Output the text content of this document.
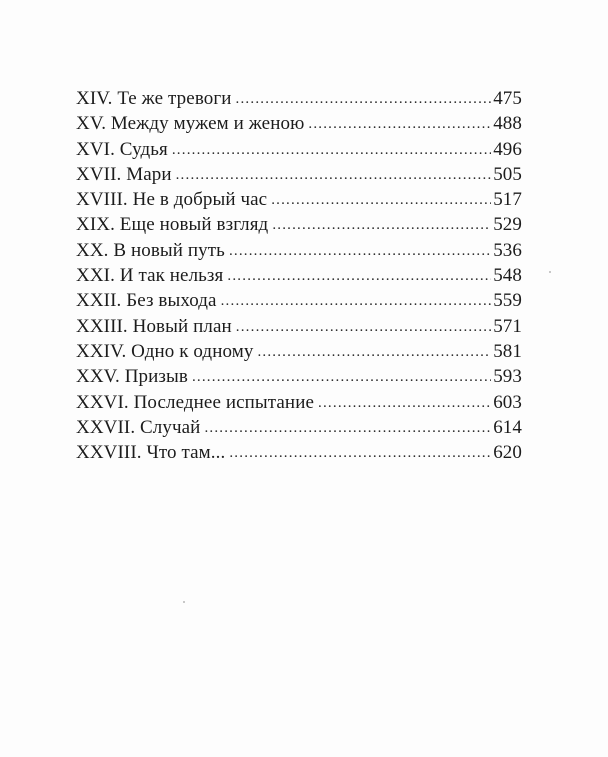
XIV. Те же тревоги .....	475
XV. Между мужем и женою .....	488
XVI. Судья .....	496
XVII. Мари .....	505
XVIII. Не в добрый час .....	517
XIX. Еще новый взгляд .....	529
XX. В новый путь .....	536
XXI. И так нельзя .....	548
XXII. Без выхода .....	559
XXIII. Новый план .....	571
XXIV. Одно к одному .....	581
XXV. Призыв .....	593
XXVI. Последнее испытание .....	603
XXVII. Случай .....	614
XXVIII. Что там... .....	620
